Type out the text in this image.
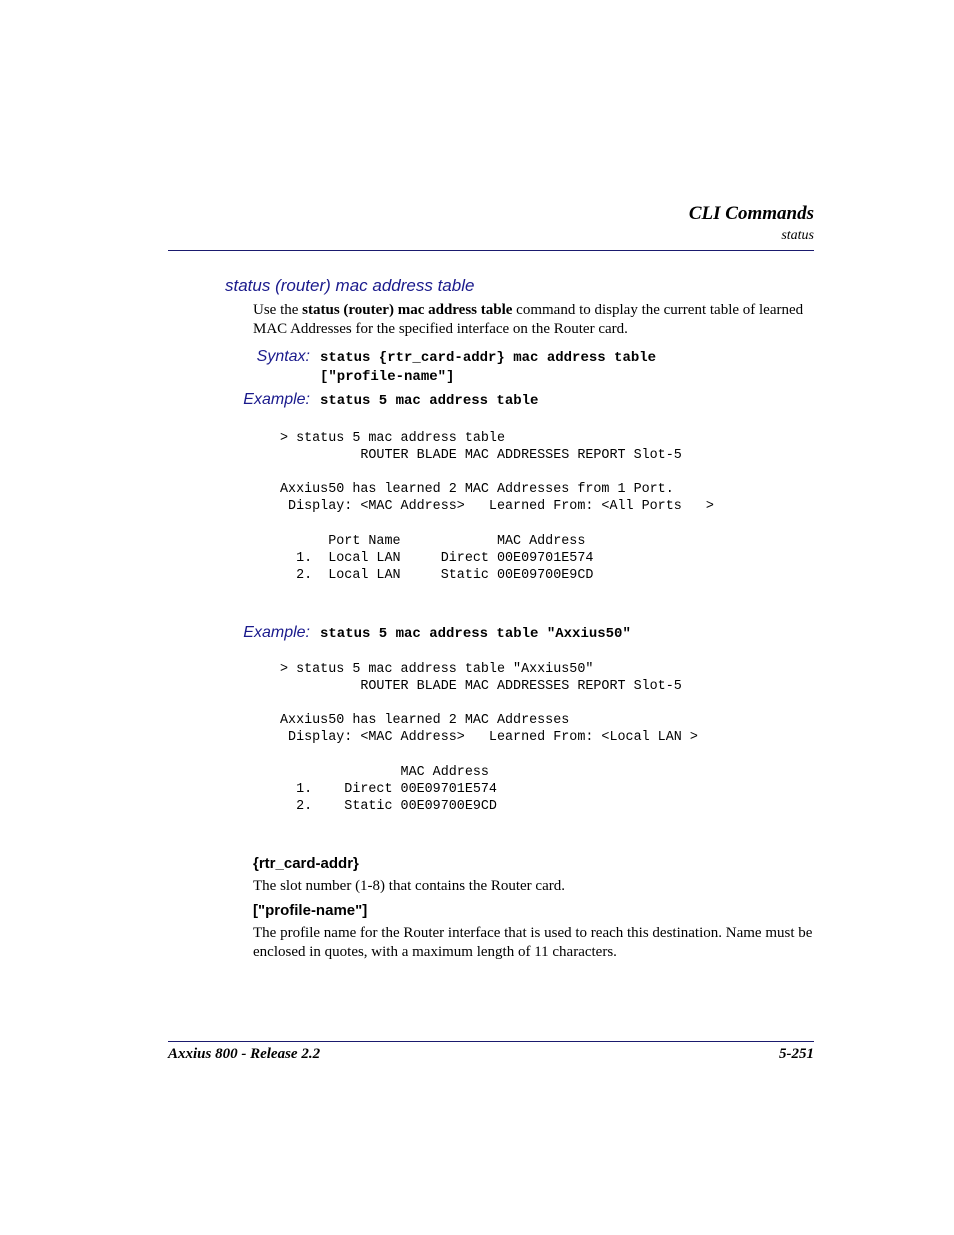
CLI Commands
status
status (router) mac address table
Use the status (router) mac address table command to display the current table of learned MAC Addresses for the specified interface on the Router card.
Syntax: status {rtr_card-addr} mac address table
["profile-name"]
Example: status 5 mac address table
> status 5 mac address table
ROUTER BLADE MAC ADDRESSES REPORT Slot-5

Axxius50 has learned 2 MAC Addresses from 1 Port.
Display: <MAC Address>   Learned From: <All Ports   >

Port Name            MAC Address
1.  Local LAN     Direct 00E09701E574
2.  Local LAN     Static 00E09700E9CD
Example: status 5 mac address table "Axxius50"
> status 5 mac address table "Axxius50"
ROUTER BLADE MAC ADDRESSES REPORT Slot-5

Axxius50 has learned 2 MAC Addresses
Display: <MAC Address>   Learned From: <Local LAN >

MAC Address
1.    Direct 00E09701E574
2.    Static 00E09700E9CD
{rtr_card-addr}
The slot number (1-8) that contains the Router card.
["profile-name"]
The profile name for the Router interface that is used to reach this destination. Name must be enclosed in quotes, with a maximum length of 11 characters.
Axxius 800 - Release 2.2	5-251
